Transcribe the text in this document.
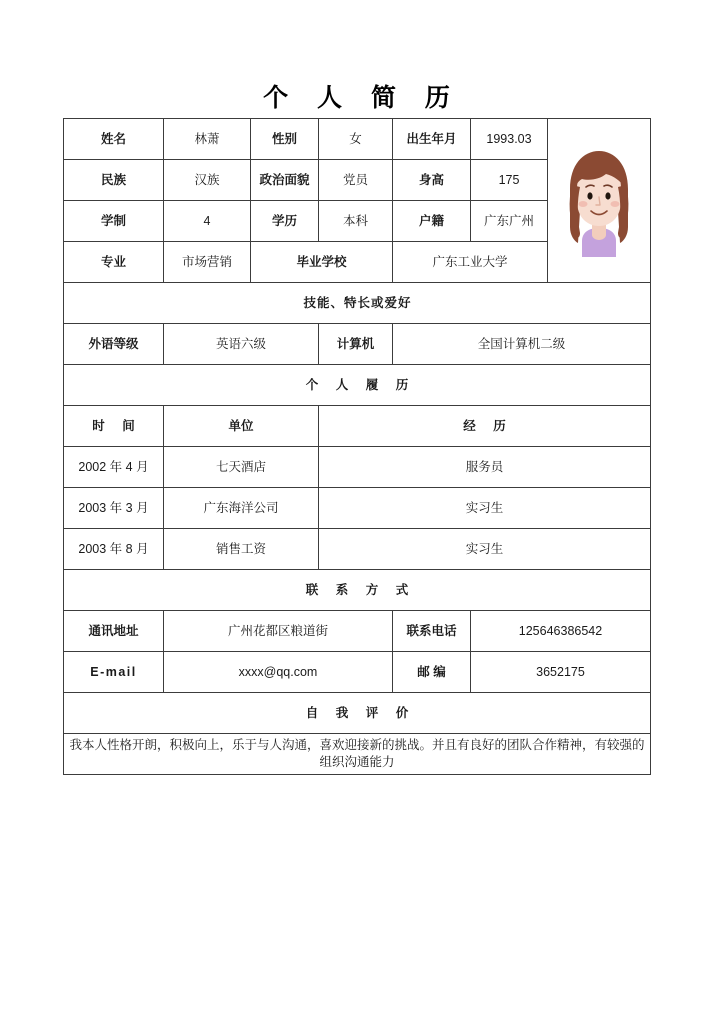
个 人 简 历
姓名	林萧	性别	女	出生年月	1993.03	

民族	汉族	政治面貌	党员	身高	175	
学制	4	学历	本科	户籍	广东广州	
专业	市场营销	毕业学校		广东工业大学		
技能、特长或爱好						
外语等级	英语六级		计算机	全国计算机二级		
个 人 履 历						
时 间	单位		经 历			
2002 年 4 月	七天酒店		服务员			
2003 年 3 月	广东海洋公司		实习生			
2003 年 8 月	销售工资		实习生			
联 系 方 式						
通讯地址	广州花都区粮道街			联系电话	125646386542	
E-mail	xxxx@qq.com			邮 编	3652175	
自 我 评 价						
我本人性格开朗，积极向上，乐于与人沟通，喜欢迎接新的挑战。并且有良好的团队合作精神，有较强的组织沟通能力						
